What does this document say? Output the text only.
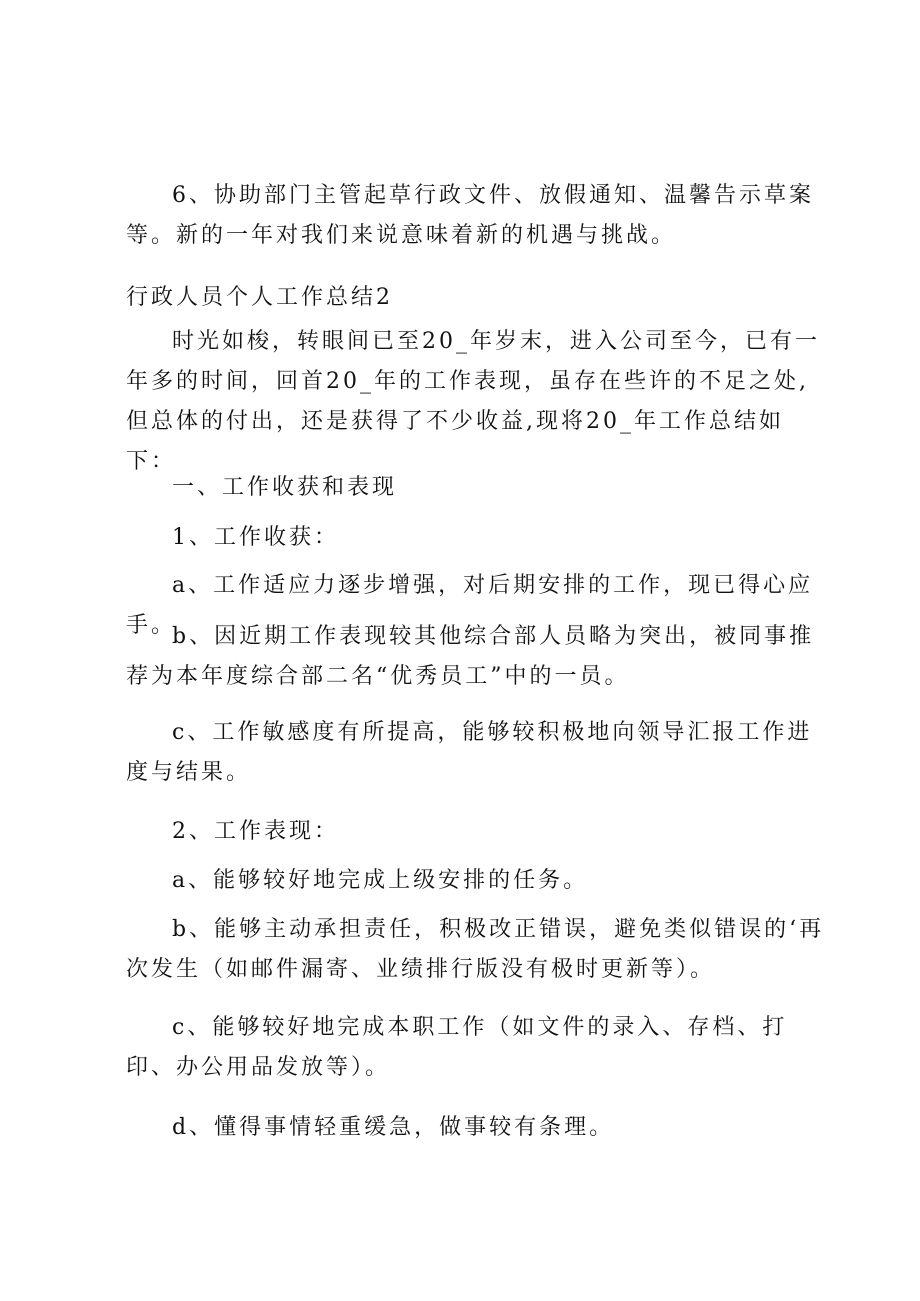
6、协助部门主管起草行政文件、放假通知、温馨告示草案等。新的一年对我们来说意味着新的机遇与挑战。

行政人员个人工作总结2

时光如梭，转眼间已至20_年岁末，进入公司至今，已有一年多的时间，回首20_年的工作表现，虽存在些许的不足之处,但总体的付出，还是获得了不少收益,现将20_年工作总结如下：

一、工作收获和表现

1、工作收获：

a、工作适应力逐步增强，对后期安排的工作，现已得心应手。

b、因近期工作表现较其他综合部人员略为突出，被同事推荐为本年度综合部二名“优秀员工”中的一员。

c、工作敏感度有所提高，能够较积极地向领导汇报工作进度与结果。

2、工作表现：

a、能够较好地完成上级安排的任务。

b、能够主动承担责任，积极改正错误，避免类似错误的‘再次发生（如邮件漏寄、业绩排行版没有极时更新等）。

c、能够较好地完成本职工作（如文件的录入、存档、打印、办公用品发放等）。

d、懂得事情轻重缓急，做事较有条理。
